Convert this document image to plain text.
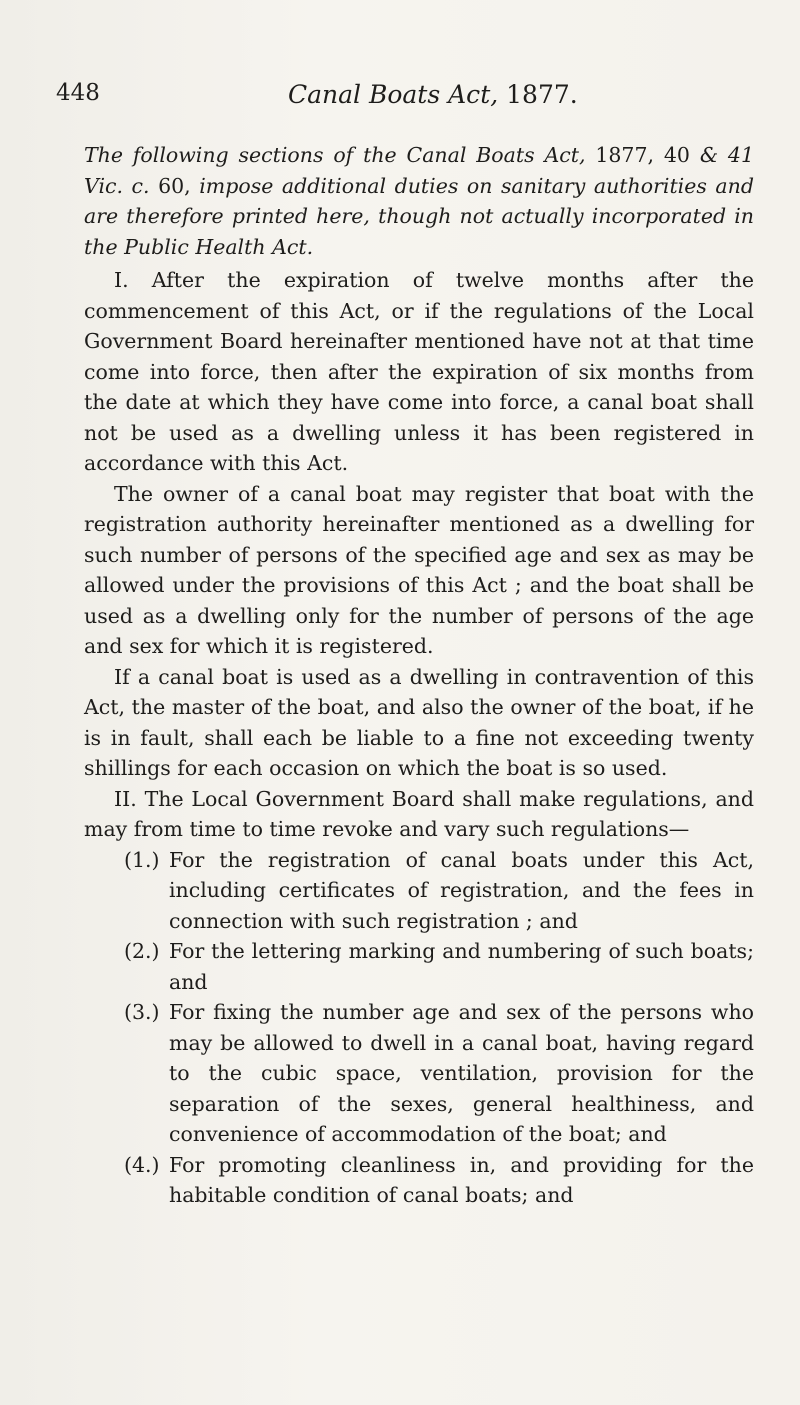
448	Canal Boats Act, 1877.

The following sections of the Canal Boats Act, 1877, 40 & 41 Vic. c. 60, impose additional duties on sanitary authorities and are therefore printed here, though not actually incorporated in the Public Health Act.

I. After the expiration of twelve months after the commencement of this Act, or if the regulations of the Local Government Board hereinafter mentioned have not at that time come into force, then after the expiration of six months from the date at which they have come into force, a canal boat shall not be used as a dwelling unless it has been registered in accordance with this Act.

The owner of a canal boat may register that boat with the registration authority hereinafter mentioned as a dwelling for such number of persons of the specified age and sex as may be allowed under the provisions of this Act ; and the boat shall be used as a dwelling only for the number of persons of the age and sex for which it is registered.

If a canal boat is used as a dwelling in contravention of this Act, the master of the boat, and also the owner of the boat, if he is in fault, shall each be liable to a fine not exceeding twenty shillings for each occasion on which the boat is so used.

II. The Local Government Board shall make regulations, and may from time to time revoke and vary such regulations—

(1.) For the registration of canal boats under this Act, including certificates of registration, and the fees in connection with such registration ; and
(2.) For the lettering marking and numbering of such boats; and
(3.) For fixing the number age and sex of the persons who may be allowed to dwell in a canal boat, having regard to the cubic space, ventilation, provision for the separation of the sexes, general healthiness, and convenience of accommodation of the boat; and
(4.) For promoting cleanliness in, and providing for the habitable condition of canal boats; and
